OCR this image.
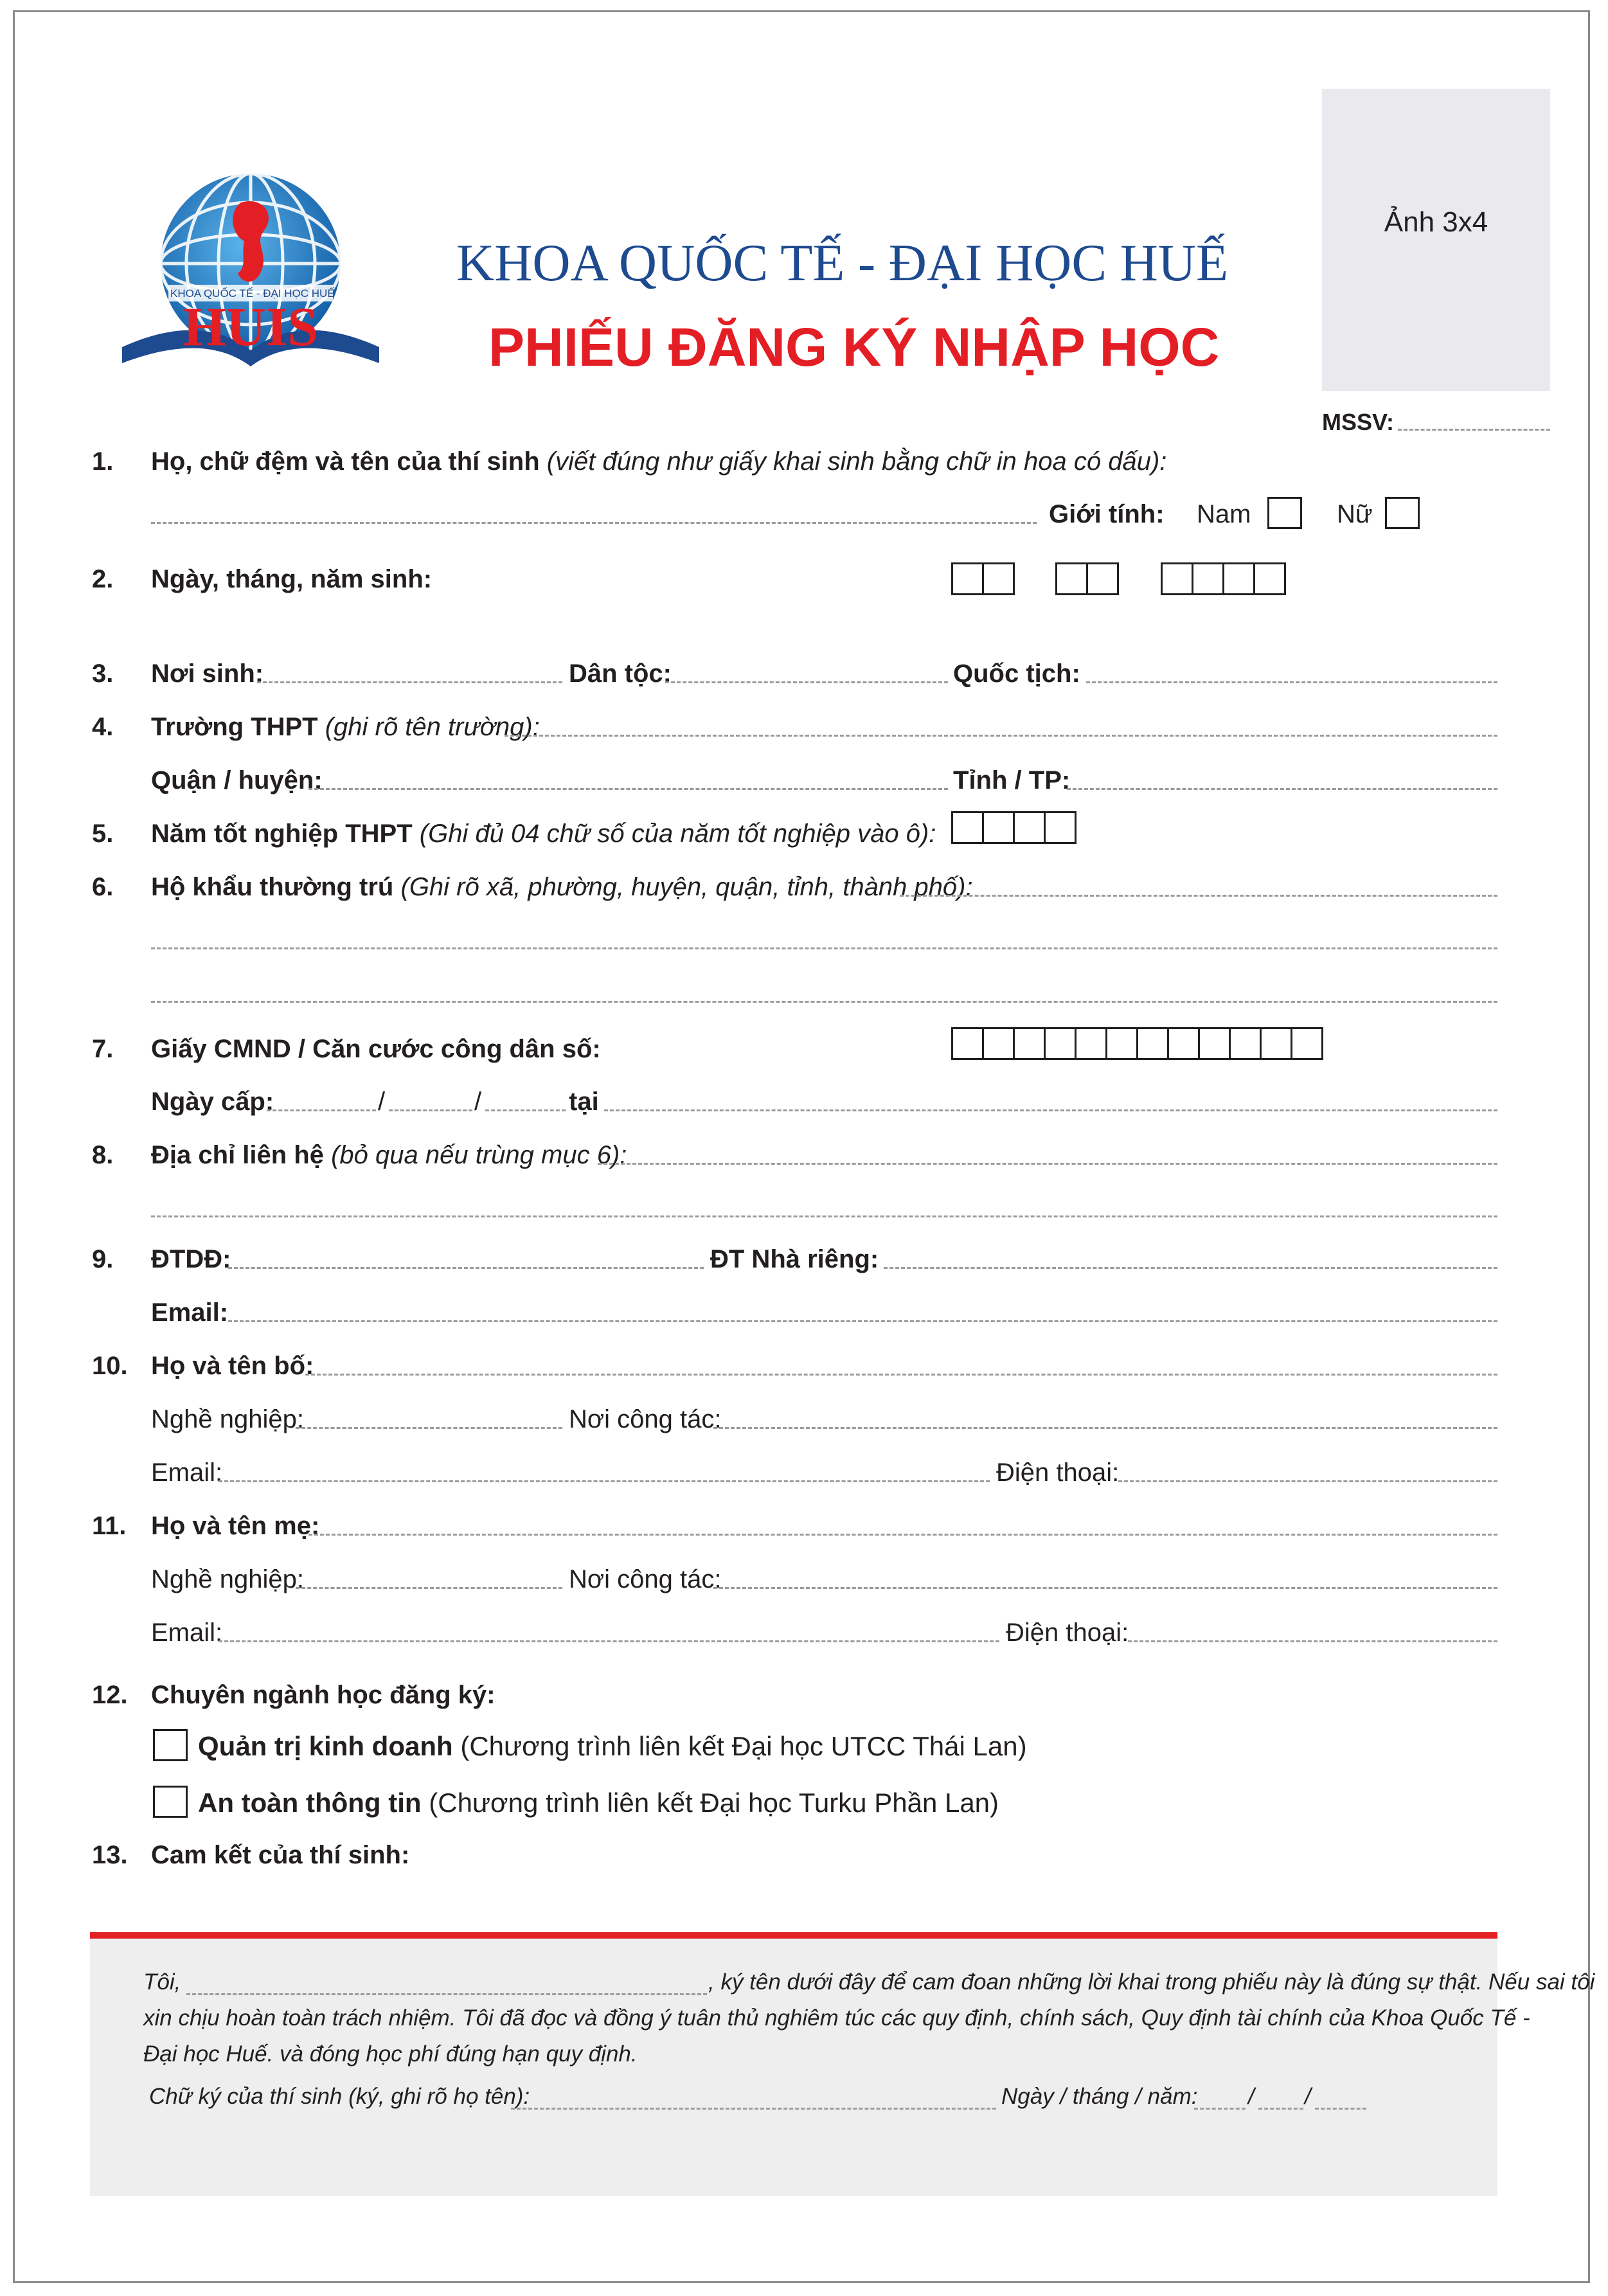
KHOA QUỐC TẾ - ĐẠI HỌC HUẾ
HUIS
KHOA QUỐC TẾ - ĐẠI HỌC HUẾ
PHIẾU ĐĂNG KÝ NHẬP HỌC
Ảnh 3x4
MSSV:
1. Họ, chữ đệm và tên của thí sinh (viết đúng như giấy khai sinh bằng chữ in hoa có dấu):
Giới tính: Nam	Nữ
2. Ngày, tháng, năm sinh:
3. Nơi sinh:	Dân tộc:	Quốc tịch:
4. Trường THPT (ghi rõ tên trường):
Quận / huyện:	Tỉnh / TP:
5. Năm tốt nghiệp THPT (Ghi đủ 04 chữ số của năm tốt nghiệp vào ô):
6. Hộ khẩu thường trú (Ghi rõ xã, phường, huyện, quận, tỉnh, thành phố):
7. Giấy CMND / Căn cước công dân số:
Ngày cấp:	/	/	tại
8. Địa chỉ liên hệ (bỏ qua nếu trùng mục 6):
9. ĐTDĐ:	ĐT Nhà riêng:
Email:
10. Họ và tên bố:
Nghề nghiệp:	Nơi công tác:
Email:	Điện thoại:
11. Họ và tên mẹ:
Nghề nghiệp:	Nơi công tác:
Email:	Điện thoại:
12. Chuyên ngành học đăng ký:
Quản trị kinh doanh (Chương trình liên kết Đại học UTCC Thái Lan)
An toàn thông tin (Chương trình liên kết Đại học Turku Phần Lan)
13. Cam kết của thí sinh:
Tôi,	, ký tên dưới đây để cam đoan những lời khai trong phiếu này là đúng sự thật. Nếu sai tôi
xin chịu hoàn toàn trách nhiệm. Tôi đã đọc và đồng ý tuân thủ nghiêm túc các quy định, chính sách, Quy định tài chính của Khoa Quốc Tế -
Đại học Huế. và đóng học phí đúng hạn quy định.
Chữ ký của thí sinh (ký, ghi rõ họ tên):	Ngày / tháng / năm: / /
